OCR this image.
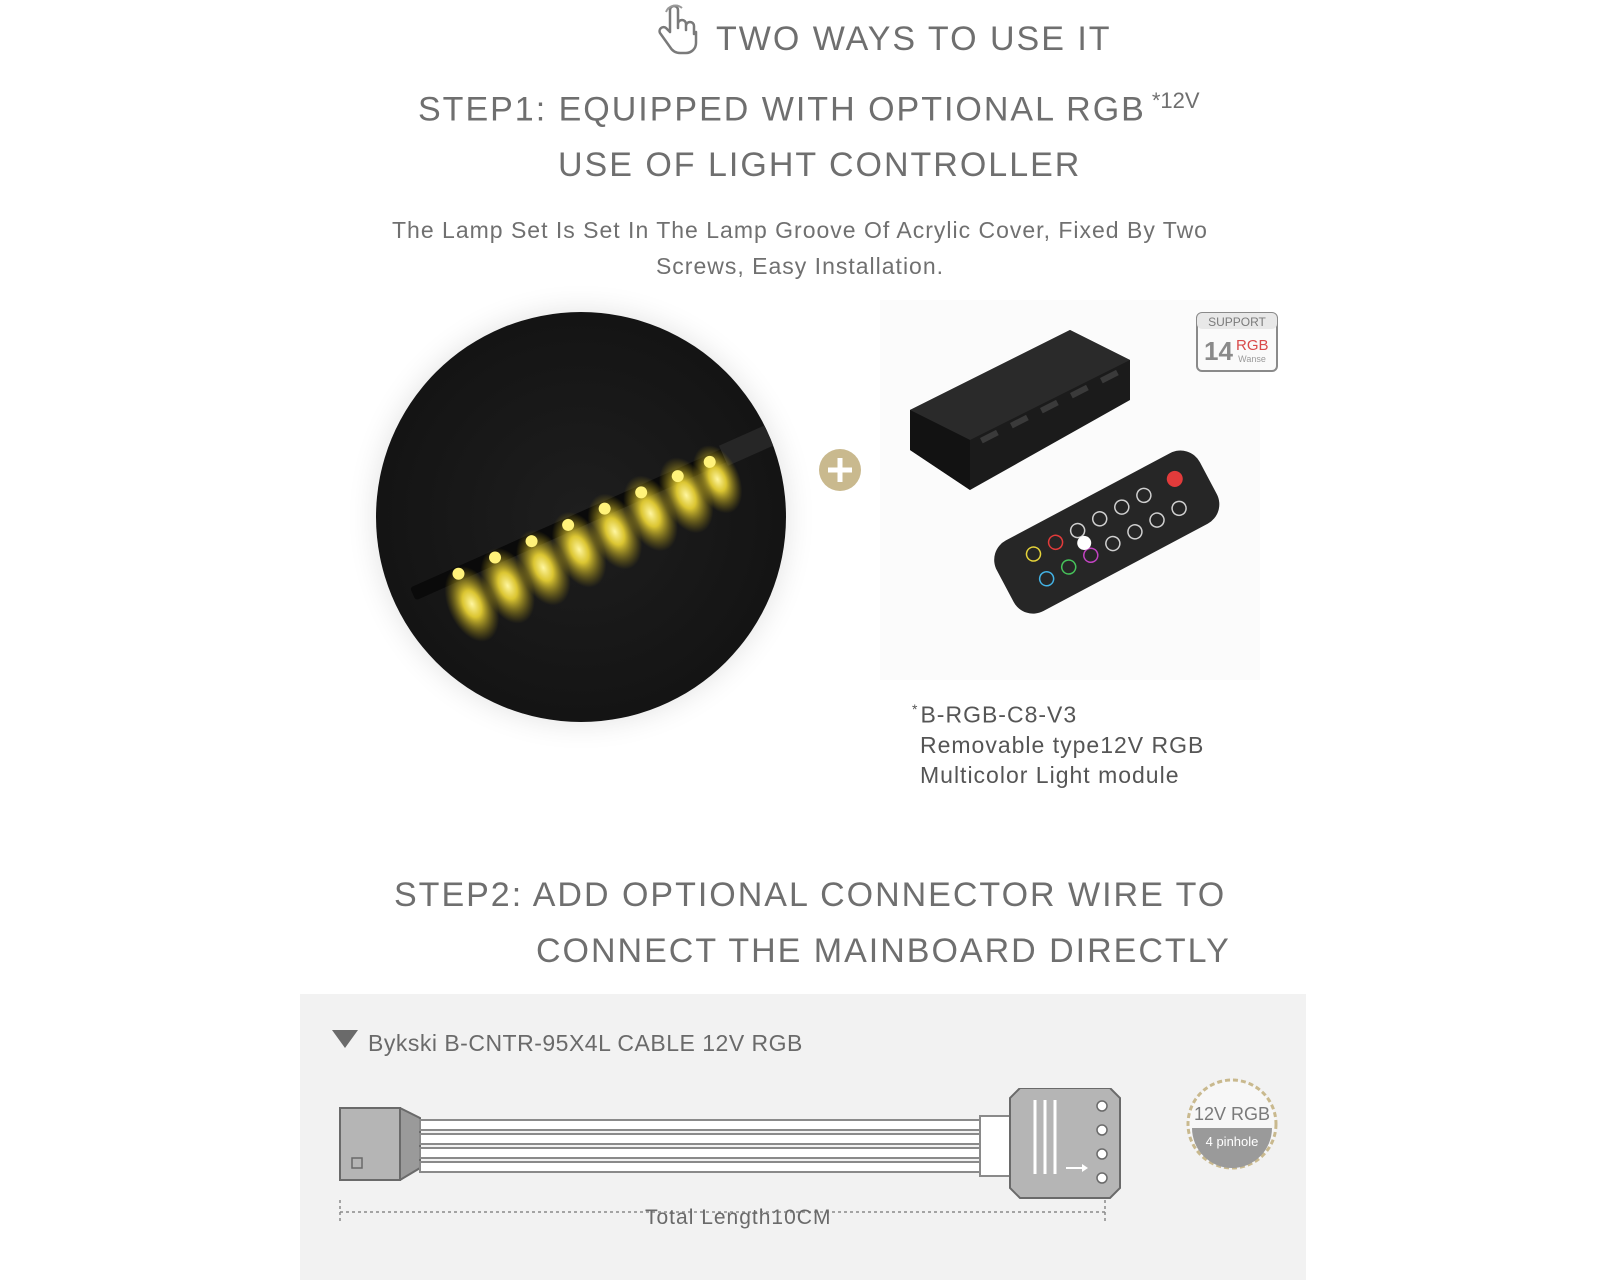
TWO WAYS TO USE IT
STEP1: EQUIPPED WITH OPTIONAL RGB $^{*12V}$
USE OF LIGHT CONTROLLER
The Lamp Set Is Set In The Lamp Groove Of Acrylic Cover, Fixed By Two Screws, Easy Installation.
SUPPORT
14 RGB
Wanse
*B-RGB-C8-V3
Removable type12V RGB
Multicolor Light module
STEP2: ADD OPTIONAL CONNECTOR WIRE TO
CONNECT THE MAINBOARD DIRECTLY
Bykski B-CNTR-95X4L CABLE 12V RGB
Total Length10CM
12V RGB
4 pinhole
